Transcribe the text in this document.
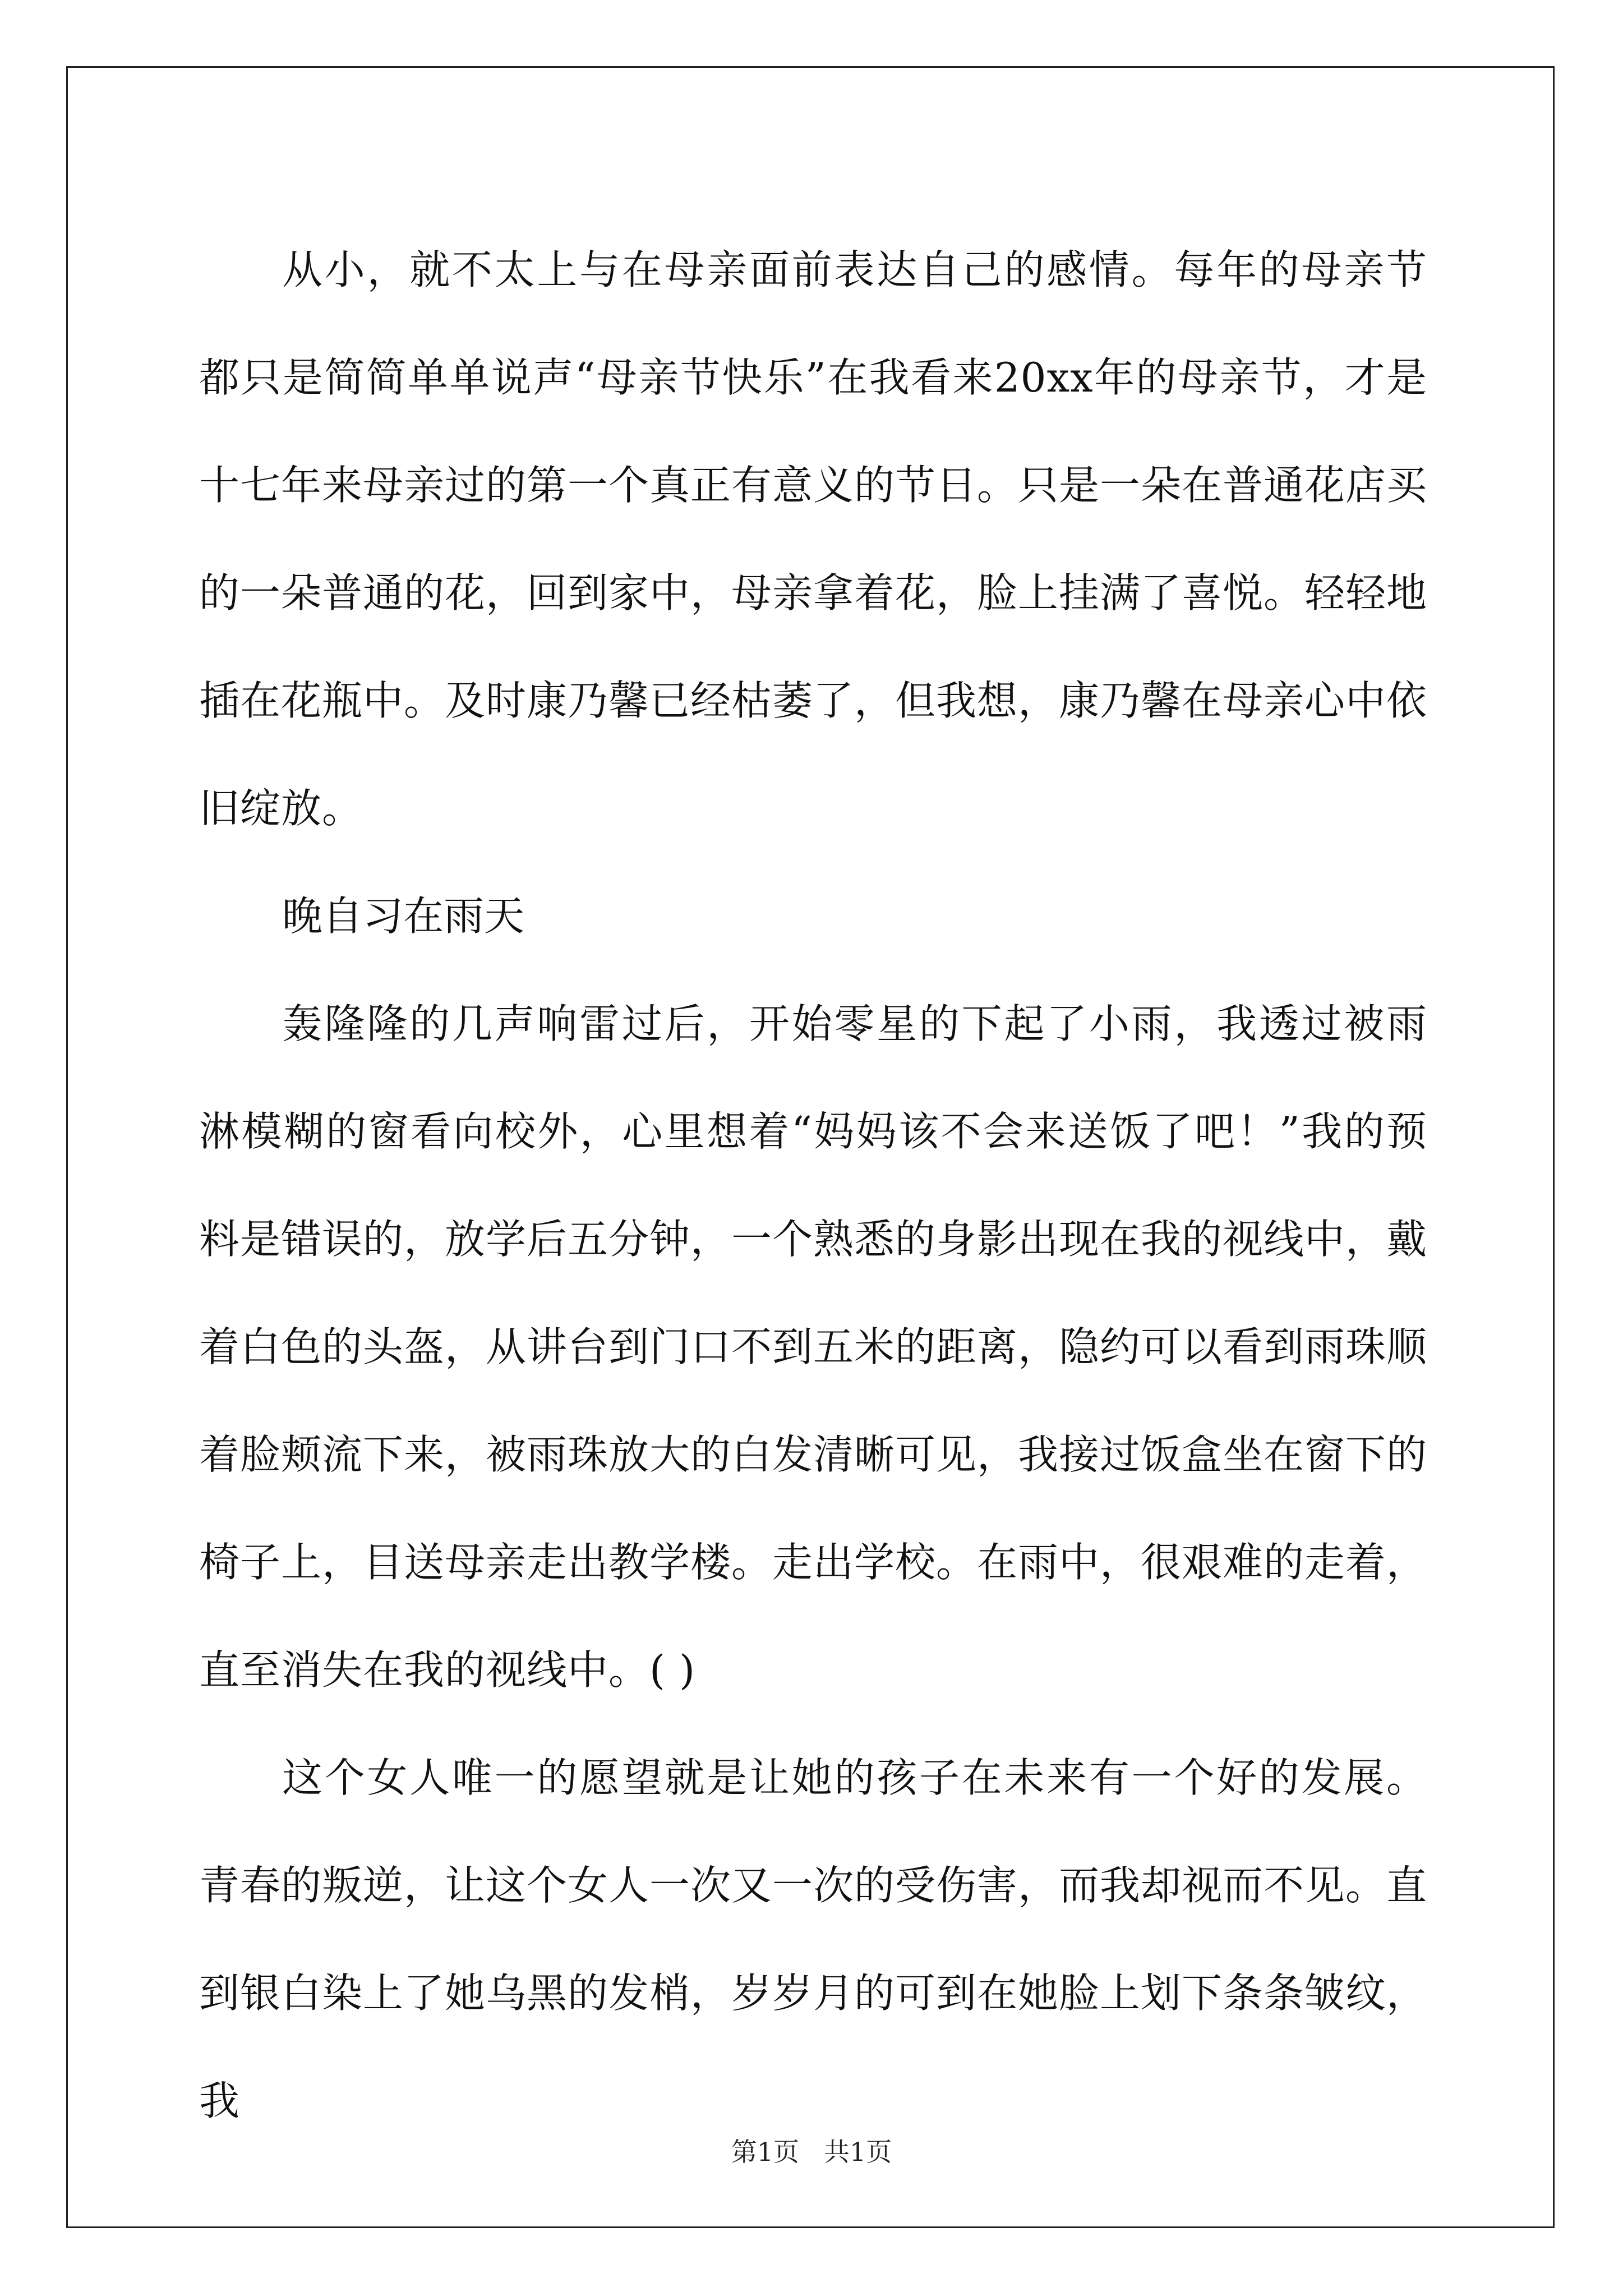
从小，就不太上与在母亲面前表达自己的感情。每年的母亲节都只是简简单单说声“母亲节快乐”在我看来20xx年的母亲节，才是十七年来母亲过的第一个真正有意义的节日。只是一朵在普通花店买的一朵普通的花，回到家中，母亲拿着花，脸上挂满了喜悦。轻轻地插在花瓶中。及时康乃馨已经枯萎了，但我想，康乃馨在母亲心中依旧绽放。

晚自习在雨天

轰隆隆的几声响雷过后，开始零星的下起了小雨，我透过被雨淋模糊的窗看向校外，心里想着“妈妈该不会来送饭了吧！”我的预料是错误的，放学后五分钟，一个熟悉的身影出现在我的视线中，戴着白色的头盔，从讲台到门口不到五米的距离，隐约可以看到雨珠顺着脸颊流下来，被雨珠放大的白发清晰可见，我接过饭盒坐在窗下的椅子上，目送母亲走出教学楼。走出学校。在雨中，很艰难的走着，直至消失在我的视线中。( )

这个女人唯一的愿望就是让她的孩子在未来有一个好的发展。青春的叛逆，让这个女人一次又一次的受伤害，而我却视而不见。直到银白染上了她乌黑的发梢，岁岁月的可到在她脸上划下条条皱纹，我

第1页 共1页
